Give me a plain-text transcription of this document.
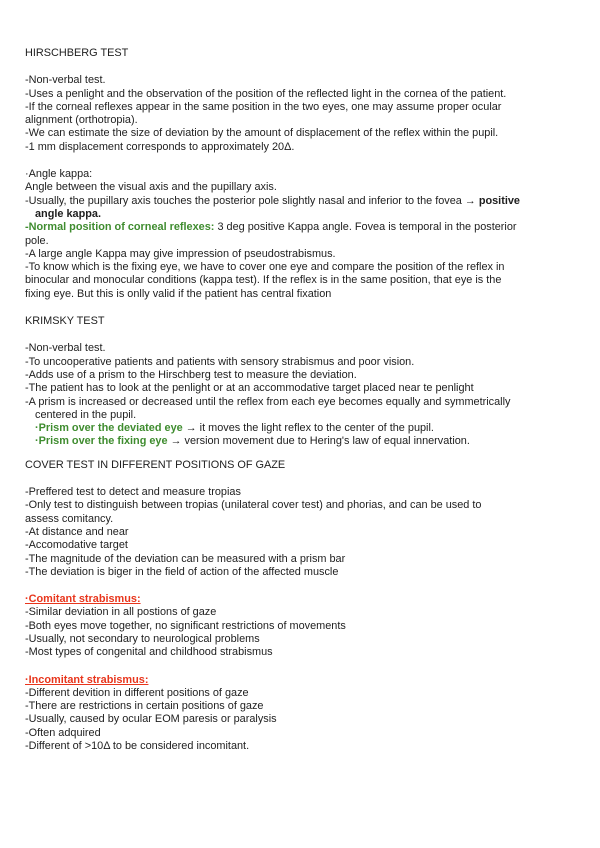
HIRSCHBERG TEST

-Non-verbal test.

-Uses a penlight and the observation of the position of the reflected light in the cornea of the patient.

-If the corneal reflexes appear in the same position in the two eyes, one may assume proper ocular

alignment (orthotropia).

-We can estimate the size of deviation by the amount of displacement of the reflex within the pupil.

-1 mm displacement corresponds to approximately 20Δ.

·Angle kappa:

Angle between the visual axis and the pupillary axis.

-Usually, the pupillary axis touches the posterior pole slightly nasal and inferior to the fovea → positive

angle kappa.

-Normal position of corneal reflexes: 3 deg positive Kappa angle. Fovea is temporal in the posterior

pole.

-A large angle Kappa may give impression of pseudostrabismus.

-To know which is the fixing eye, we have to cover one eye and compare the position of the reflex in

binocular and monocular conditions (kappa test). If the reflex is in the same position, that eye is the

fixing eye. But this is onlly valid if the patient has central fixation

KRIMSKY TEST

-Non-verbal test.

-To uncooperative patients and patients with sensory strabismus and poor vision.

-Adds use of a prism to the Hirschberg test to measure the deviation.

-The patient has to look at the penlight or at an accommodative target placed near te penlight

-A prism is increased or decreased until the reflex from each eye becomes equally and symmetrically

centered in the pupil.

·Prism over the deviated eye → it moves the light reflex to the center of the pupil.

·Prism over the fixing eye → version movement due to Hering's law of equal innervation.

COVER TEST IN DIFFERENT POSITIONS OF GAZE

-Preffered test to detect and measure tropias

-Only test to distinguish between tropias (unilateral cover test) and phorias, and can be used to

assess comitancy.

-At distance and near

-Accomodative target

-The magnitude of the deviation can be measured with a prism bar

-The deviation is biger in the field of action of the affected muscle

·Comitant strabismus:

-Similar deviation in all postions of gaze

-Both eyes move together, no significant restrictions of movements

-Usually, not secondary to neurological problems

-Most types of congenital and childhood strabismus

·Incomitant strabismus:

-Different devition in different positions of gaze

-There are restrictions in certain positions of gaze

-Usually, caused by ocular EOM paresis or paralysis

-Often adquired

-Different of >10Δ to be considered incomitant.
